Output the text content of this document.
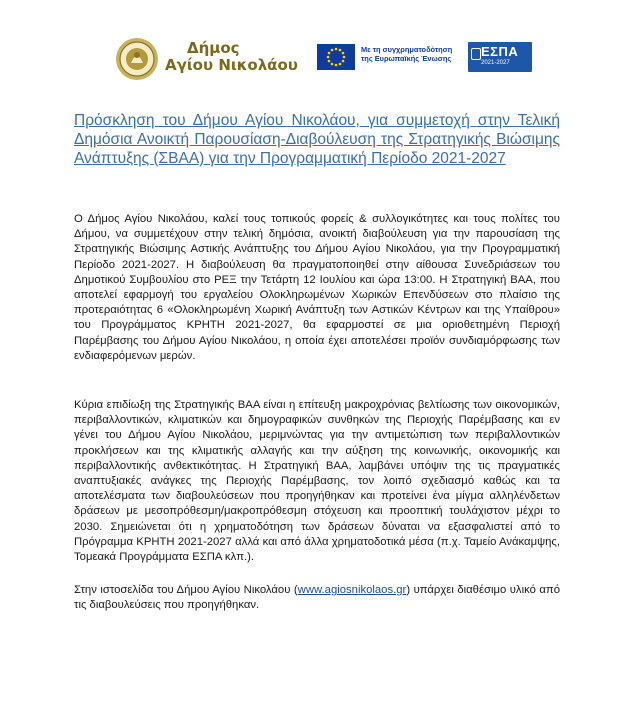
Δήμος
Αγίου Νικολάου
Με τη συγχρηματοδότηση
της Ευρωπαϊκής Ένωσης ΕΣΠΑ
2021-2027
Πρόσκληση του Δήμου Αγίου Νικολάου, για συμμετοχή στην Τελική Δημόσια Ανοικτή Παρουσίαση-Διαβούλευση της Στρατηγικής Βιώσιμης Ανάπτυξης (ΣΒΑΑ) για την Προγραμματική Περίοδο 2021-2027
Ο Δήμος Αγίου Νικολάου, καλεί τους τοπικούς φορείς & συλλογικότητες και τους πολίτες του Δήμου, να συμμετέχουν στην τελική δημόσια, ανοικτή διαβούλευση για την παρουσίαση της Στρατηγικής Βιώσιμης Αστικής Ανάπτυξης του Δήμου Αγίου Νικολάου, για την Προγραμματική Περίοδο 2021-2027. Η διαβούλευση θα πραγματοποιηθεί στην αίθουσα Συνεδριάσεων του Δημοτικού Συμβουλίου στο ΡΕΞ την Τετάρτη 12 Ιουλίου και ώρα 13:00. Η Στρατηγική ΒΑΑ, που αποτελεί εφαρμογή του εργαλείου Ολοκληρωμένων Χωρικών Επενδύσεων στο πλαίσιο της προτεραιότητας 6 «Ολοκληρωμένη Χωρική Ανάπτυξη των Αστικών Κέντρων και της Υπαίθρου» του Προγράμματος ΚΡΗΤΗ 2021-2027, θα εφαρμοστεί σε μια οριοθετημένη Περιοχή Παρέμβασης του Δήμου Αγίου Νικολάου, η οποία έχει αποτελέσει προϊόν συνδιαμόρφωσης των ενδιαφερόμενων μερών.
Κύρια επιδίωξη της Στρατηγικής ΒΑΑ είναι η επίτευξη μακροχρόνιας βελτίωσης των οικονομικών, περιβαλλοντικών, κλιματικών και δημογραφικών συνθηκών της Περιοχής Παρέμβασης και εν γένει του Δήμου Αγίου Νικολάου, μεριμνώντας για την αντιμετώπιση των περιβαλλοντικών προκλήσεων και της κλιματικής αλλαγής και την αύξηση της κοινωνικής, οικονομικής και περιβαλλοντικής ανθεκτικότητας. Η Στρατηγική ΒΑΑ, λαμβάνει υπόψιν της τις πραγματικές αναπτυξιακές ανάγκες της Περιοχής Παρέμβασης, τον λοιπό σχεδιασμό καθώς και τα αποτελέσματα των διαβουλεύσεων που προηγήθηκαν και προτείνει ένα μίγμα αλληλένδετων δράσεων με μεσοπρόθεσμη/μακροπρόθεσμη στόχευση και προοπτική τουλάχιστον μέχρι το 2030. Σημειώνεται ότι η χρηματοδότηση των δράσεων δύναται να εξασφαλιστεί από το Πρόγραμμα ΚΡΗΤΗ 2021-2027 αλλά και από άλλα χρηματοδοτικά μέσα (π.χ. Ταμείο Ανάκαμψης, Τομεακά Προγράμματα ΕΣΠΑ κλπ.).
Στην ιστοσελίδα του Δήμου Αγίου Νικολάου (www.agiosnikolaos.gr) υπάρχει διαθέσιμο υλικό από τις διαβουλεύσεις που προηγήθηκαν.
